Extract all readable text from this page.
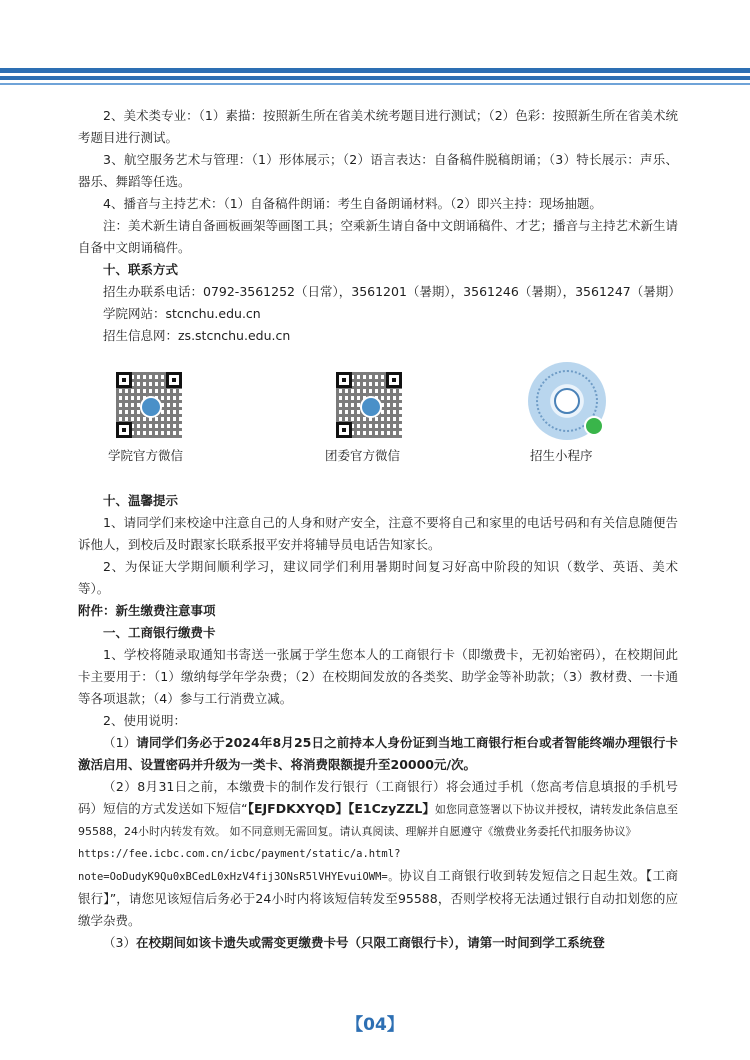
2、美术类专业：（1）素描：按照新生所在省美术统考题目进行测试；（2）色彩：按照新生所在省美术统考题目进行测试。

3、航空服务艺术与管理：（1）形体展示；（2）语言表达：自备稿件脱稿朗诵；（3）特长展示：声乐、器乐、舞蹈等任选。

4、播音与主持艺术：（1）自备稿件朗诵：考生自备朗诵材料。（2）即兴主持：现场抽题。

注：美术新生请自备画板画架等画图工具；空乘新生请自备中文朗诵稿件、才艺；播音与主持艺术新生请自备中文朗诵稿件。

十、联系方式

招生办联系电话：0792-3561252（日常），3561201（暑期），3561246（暑期），3561247（暑期）

学院网站：stcnchu.edu.cn

招生信息网：zs.stcnchu.edu.cn

学院官方微信	团委官方微信	招生小程序

十、温馨提示

1、请同学们来校途中注意自己的人身和财产安全，注意不要将自己和家里的电话号码和有关信息随便告诉他人，到校后及时跟家长联系报平安并将辅导员电话告知家长。

2、为保证大学期间顺利学习，建议同学们利用暑期时间复习好高中阶段的知识（数学、英语、美术等）。

附件：新生缴费注意事项

一、工商银行缴费卡

1、学校将随录取通知书寄送一张属于学生您本人的工商银行卡（即缴费卡，无初始密码），在校期间此卡主要用于：（1）缴纳每学年学杂费；（2）在校期间发放的各类奖、助学金等补助款；（3）教材费、一卡通等各项退款；（4）参与工行消费立减。

2、使用说明：

（1）请同学们务必于2024年8月25日之前持本人身份证到当地工商银行柜台或者智能终端办理银行卡激活启用、设置密码并升级为一类卡、将消费限额提升至20000元/次。

（2）8月31日之前，本缴费卡的制作发行银行（工商银行）将会通过手机（您高考信息填报的手机号码）短信的方式发送如下短信“【EJFDKXYQD】【E1CzyZZL】如您同意签署以下协议并授权，请转发此条信息至95588，24小时内转发有效。 如不同意则无需回复。请认真阅读、理解并自愿遵守《缴费业务委托代扣服务协议》

https://fee.icbc.com.cn/icbc/payment/static/a.html?note=OoDudyK9Qu0xBCedL0xHzV4fij3ONsR5lVHYEvuiOWM=。协议自工商银行收到转发短信之日起生效。【工商银行】”，请您见该短信后务必于24小时内将该短信转发至95588，否则学校将无法通过银行自动扣划您的应缴学杂费。

（3）在校期间如该卡遗失或需变更缴费卡号（只限工商银行卡），请第一时间到学工系统登

【04】
